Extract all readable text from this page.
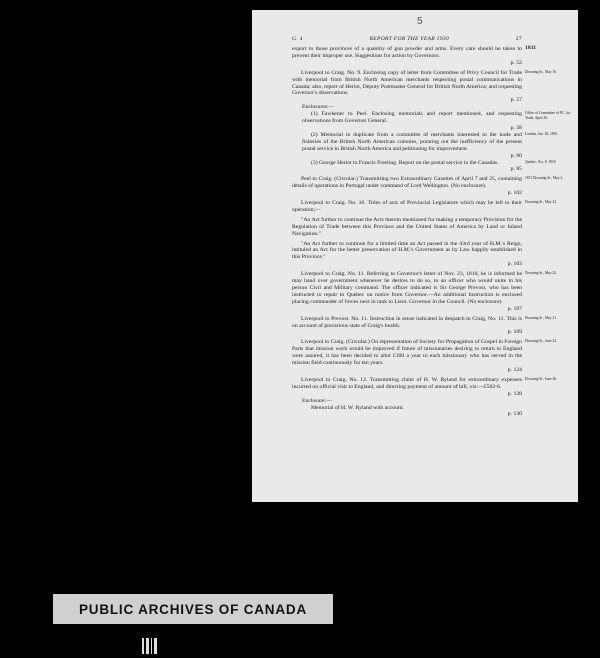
5
G. 4	REPORT FOR THE YEAR 1930	27
export to those provinces of a quantity of gun powder and arms. Every care should be taken to prevent their improper use. Suggestions for action by Governors.
p. 52
1811
Liverpool to Craig. No. 9. Enclosing copy of letter from Committee of Privy Council for Trade with memorial from British North American merchants respecting postal communications in Canada; also, report of Heriot, Deputy Postmaster General for British North America; and requesting Governor's observations.
p. 57
Downing St., May 16.
Enclosures:—
(1) Fawkener to Peel. Enclosing memorials and report mentioned, and requesting observations from Governor General.
p. 58
Office of Committee of P.C. for Trade, April 26.
(2) Memorial in duplicate from a committee of merchants interested in the trade and fisheries of the British North American colonies, pointing out the inefficiency of the present postal service in British North America and petitioning for improvement.
p. 60
London, Jan. 26, 1810.
(3) George Heriot to Francis Freeling. Report on the postal service in the Canadas.
p. 85
Quebec, Oct. 8, 1810.
Peel to Craig. (Circular.) Transmitting two Extraordinary Gazettes of April 7 and 25, containing details of operations in Portugal under command of Lord Wellington. (No enclosure).
p. 102
1811 Downing St., May 2.
Liverpool to Craig. No. 10. Titles of acts of Provincial Legislature which may be left to their operation;—
Downing St., May 22.
"An Act further to continue the Acts therein mentioned for making a temporary Provision for the Regulation of Trade between this Province and the United States of America by Land or Inland Navigation."
"An Act further to continue for a limited time an Act passed in the 43rd year of H.M.'s Reign, intituled an Act for the better preservation of H.M.'s Government as by Law happily established in this Province."
p. 103
Liverpool to Craig. No. 11. Referring to Governor's letter of Nov. 23, 1810, he is informed he may hand over government whenever he desires to do so, to an officer who would unite in his person Civil and Military command. The officer indicated is Sir George Prevost, who has been instructed to repair to Quebec on notice from Governor.—An additional Instruction is enclosed placing commander of forces next in rank to Lieut. Governor in the Council. (No enclosure).
p. 107
Downing St., May 22.
Liverpool to Prevost. No. 11. Instruction in sense indicated in despatch to Craig, No. 11. This is on account of precarious state of Craig's health.
p. 109
Downing St., May 21.
Liverpool to Craig. (Circular.) On representation of Society for Propagation of Gospel in Foreign Parts that mission work would be improved if future of missionaries desiring to return to England were assured, it has been decided to allot £100 a year to each missionary who has served in the mission field continuously for ten years.
p. 124
Downing St., June 22.
Liverpool to Craig. No. 12. Transmitting claim of H. W. Ryland for extraordinary expenses incurred on official visit to England, and directing payment of amount of bill, viz:—£502-6.
p. 128
Downing St., June 26.
Enclosure:—
Memorial of H. W. Ryland with account.
p. 130
PUBLIC ARCHIVES OF CANADA
